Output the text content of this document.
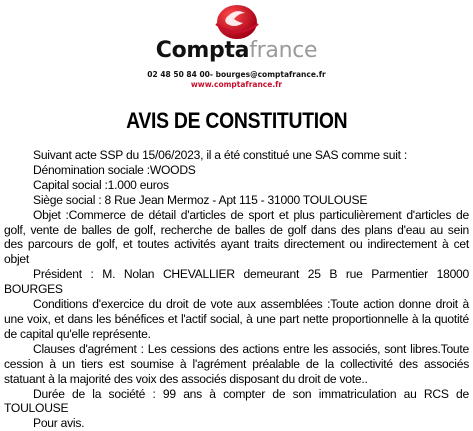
Comptafrance
02 48 50 84 00- bourges@comptafrance.fr
www.comptafrance.fr
AVIS DE CONSTITUTION
Suivant acte SSP du 15/06/2023, il a été constitué une SAS comme suit :
Dénomination sociale :WOODS
Capital social :1.000 euros
Siège social : 8 Rue Jean Mermoz - Apt 115 - 31000 TOULOUSE
Objet :Commerce de détail d'articles de sport et plus particulièrement d'articles de
golf, vente de balles de golf, recherche de balles de golf dans des plans d'eau au sein
des parcours de golf, et toutes activités ayant traits directement ou indirectement à cet objet
Président : M. Nolan CHEVALLIER demeurant 25 B rue Parmentier 18000
BOURGES
Conditions d'exercice du droit de vote aux assemblées :Toute action donne droit à
une voix, et dans les bénéfices et l'actif social, à une part nette proportionnelle à la quotité
de capital qu'elle représente.
Clauses d'agrément : Les cessions des actions entre les associés, sont libres.Toute
cession à un tiers est soumise à l'agrément préalable de la collectivité des associés
statuant à la majorité des voix des associés disposant du droit de vote..
Durée de la société : 99 ans à compter de son immatriculation au RCS de
TOULOUSE
Pour avis.
